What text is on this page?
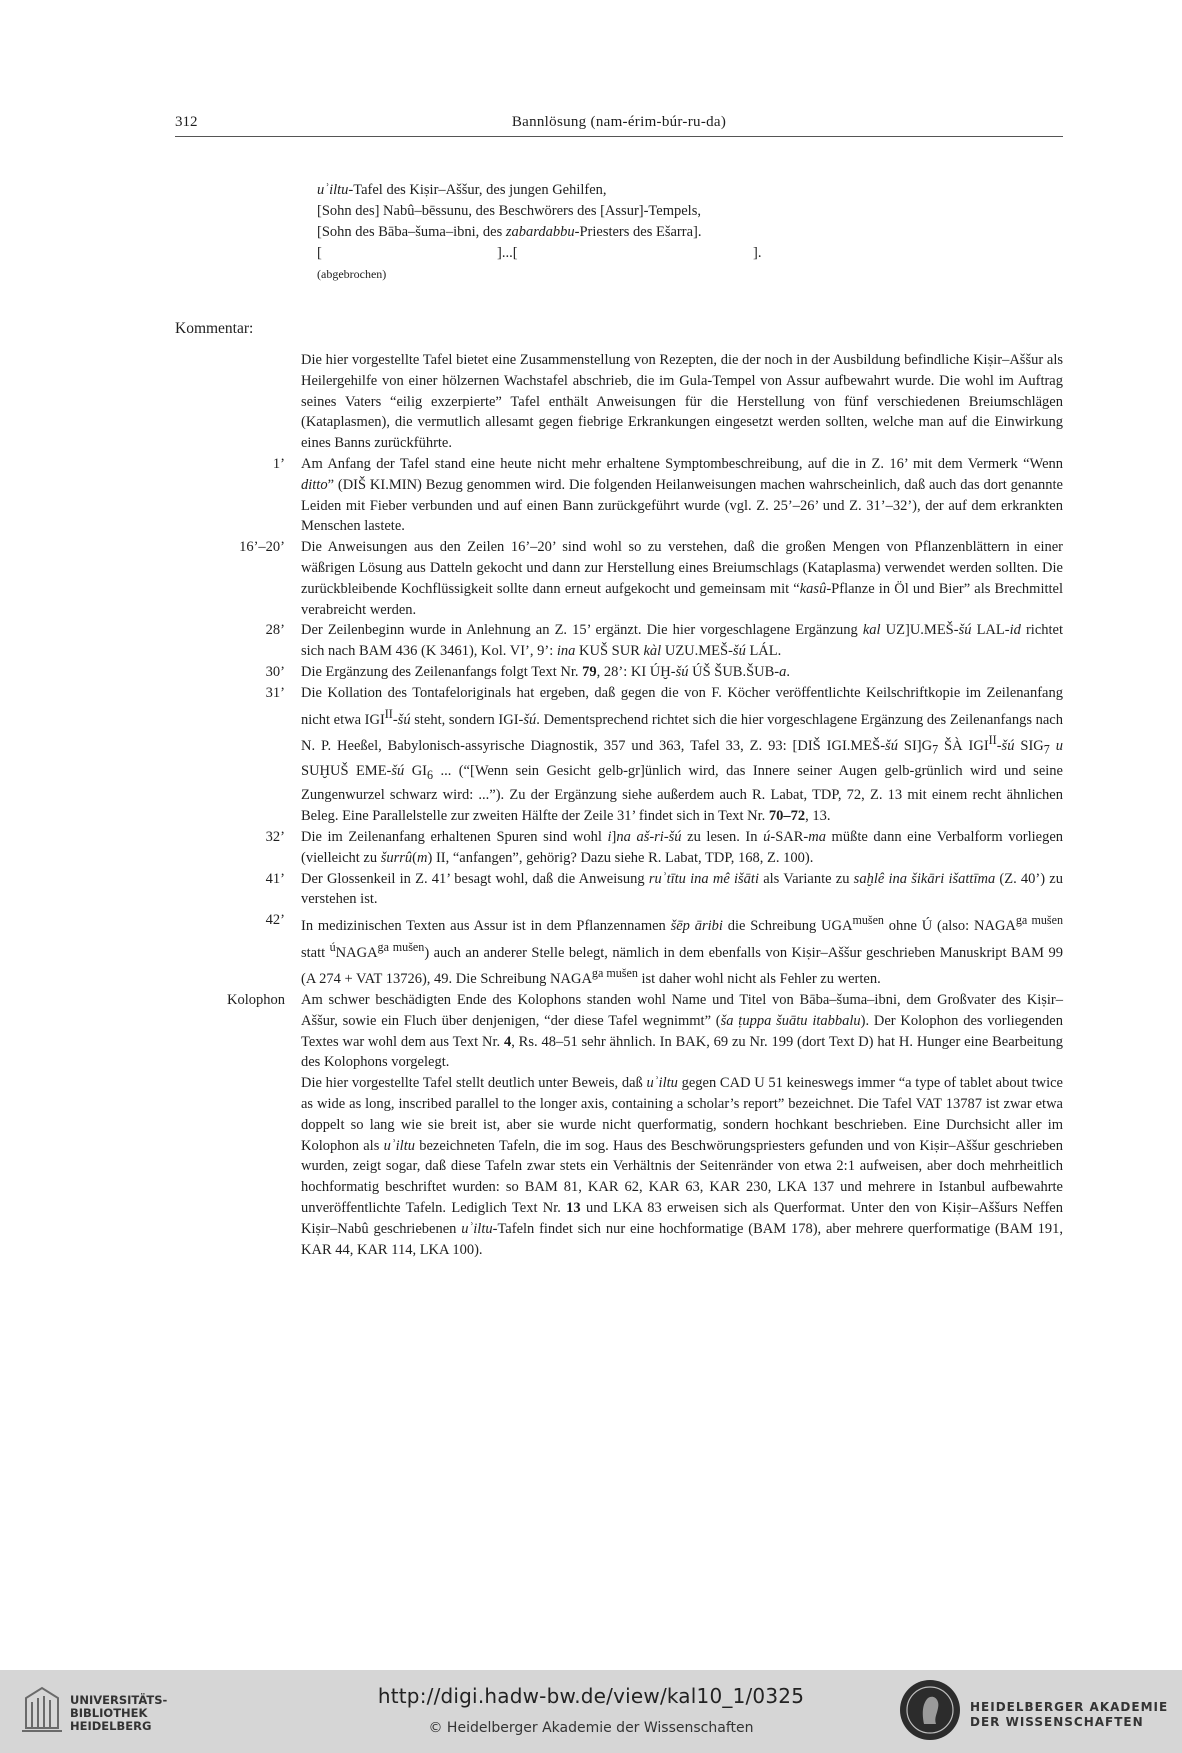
312	Bannlösung (nam-érim-búr-ru-da)
uʾiltu-Tafel des Kiṣir–Aššur, des jungen Gehilfen,
[Sohn des] Nabû–bēssunu, des Beschwörers des [Assur]-Tempels,
[Sohn des Bāba–šuma–ibni, des zabardabbu-Priesters des Ešarra].
[	]...[	].
(abgebrochen)
Kommentar:
Die hier vorgestellte Tafel bietet eine Zusammenstellung von Rezepten, die der noch in der Ausbildung befindliche Kiṣir–Aššur als Heilergehilfe von einer hölzernen Wachstafel abschrieb, die im Gula-Tempel von Assur aufbewahrt wurde. Die wohl im Auftrag seines Vaters “eilig exzerpierte” Tafel enthält Anweisungen für die Herstellung von fünf verschiedenen Breiumschlägen (Kataplasmen), die vermutlich allesamt gegen fiebrige Erkrankungen eingesetzt werden sollten, welche man auf die Einwirkung eines Banns zurückführte.
1’	Am Anfang der Tafel stand eine heute nicht mehr erhaltene Symptombeschreibung, auf die in Z. 16’ mit dem Vermerk “Wenn ditto” (DIŠ KI.MIN) Bezug genommen wird. Die folgenden Heilanweisungen machen wahrscheinlich, daß auch das dort genannte Leiden mit Fieber verbunden und auf einen Bann zurückgeführt wurde (vgl. Z. 25’–26’ und Z. 31’–32’), der auf dem erkrankten Menschen lastete.
16’–20’	Die Anweisungen aus den Zeilen 16’–20’ sind wohl so zu verstehen, daß die großen Mengen von Pflanzenblättern in einer wäßrigen Lösung aus Datteln gekocht und dann zur Herstellung eines Breiumschlags (Kataplasma) verwendet werden sollten. Die zurückbleibende Kochflüssigkeit sollte dann erneut aufgekocht und gemeinsam mit “kasû-Pflanze in Öl und Bier” als Brechmittel verabreicht werden.
28’	Der Zeilenbeginn wurde in Anlehnung an Z. 15’ ergänzt. Die hier vorgeschlagene Ergänzung kal UZ]U.MEŠ-šú LAL-id richtet sich nach BAM 436 (K 3461), Kol. VI’, 9’: ina KUŠ SUR kàl UZU.MEŠ-šú LÁL.
30’	Die Ergänzung des Zeilenanfangs folgt Text Nr. 79, 28’: KI ÚḪ-šú ÚŠ ŠUB.ŠUB-a.
31’	Die Kollation des Tontafeloriginals hat ergeben, daß gegen die von F. Köcher veröffentlichte Keilschriftkopie im Zeilenanfang nicht etwa $IGI^{II}-šú$ steht, sondern IGI-šú. Dementsprechend richtet sich die hier vorgeschlagene Ergänzung des Zeilenanfangs nach N. P. Heeßel, Babylonisch-assyrische Diagnostik, 357 und 363, Tafel 33, Z. 93: [DIŠ IGI.MEŠ-šú $SI]G_7$ ŠÀ $IGI^{II}-šú$ $SIG_7$ u SUḪUŠ EME-šú $GI_6$ ... (“[Wenn sein Gesicht gelb-gr]ünlich wird, das Innere seiner Augen gelb-grünlich wird und seine Zungenwurzel schwarz wird: ...”). Zu der Ergänzung siehe außerdem auch R. Labat, TDP, 72, Z. 13 mit einem recht ähnlichen Beleg. Eine Parallelstelle zur zweiten Hälfte der Zeile 31’ findet sich in Text Nr. 70–72, 13.
32’	Die im Zeilenanfang erhaltenen Spuren sind wohl i]na aš-ri-šú zu lesen. In ú-SAR-ma müßte dann eine Verbalform vorliegen (vielleicht zu šurrû(m) II, “anfangen”, gehörig? Dazu siehe R. Labat, TDP, 168, Z. 100).
41’	Der Glossenkeil in Z. 41’ besagt wohl, daß die Anweisung ruʾtītu ina mê išāti als Variante zu saḫlê ina šikāri išattīma (Z. 40’) zu verstehen ist.
42’	In medizinischen Texten aus Assur ist in dem Pflanzennamen šēp āribi die Schreibung $UGA^{mušen}$ ohne Ú (also: $NAGA^{ga mušen}$ statt $^úNAGA^{ga mušen}$) auch an anderer Stelle belegt, nämlich in dem ebenfalls von Kiṣir–Aššur geschrieben Manuskript BAM 99 (A 274 + VAT 13726), 49. Die Schreibung $NAGA^{ga mušen}$ ist daher wohl nicht als Fehler zu werten.
Kolophon	Am schwer beschädigten Ende des Kolophons standen wohl Name und Titel von Bāba–šuma–ibni, dem Großvater des Kiṣir–Aššur, sowie ein Fluch über denjenigen, “der diese Tafel wegnimmt” (ša ṭuppa šuātu itabbalu). Der Kolophon des vorliegenden Textes war wohl dem aus Text Nr. 4, Rs. 48–51 sehr ähnlich. In BAK, 69 zu Nr. 199 (dort Text D) hat H. Hunger eine Bearbeitung des Kolophons vorgelegt.

Die hier vorgestellte Tafel stellt deutlich unter Beweis, daß uʾiltu gegen CAD U 51 keineswegs immer “a type of tablet about twice as wide as long, inscribed parallel to the longer axis, containing a scholar’s report” bezeichnet. Die Tafel VAT 13787 ist zwar etwa doppelt so lang wie sie breit ist, aber sie wurde nicht querformatig, sondern hochkant beschrieben. Eine Durchsicht aller im Kolophon als uʾiltu bezeichneten Tafeln, die im sog. Haus des Beschwörungspriesters gefunden und von Kiṣir–Aššur geschrieben wurden, zeigt sogar, daß diese Tafeln zwar stets ein Verhältnis der Seitenränder von etwa 2:1 aufweisen, aber doch mehrheitlich hochformatig beschriftet wurden: so BAM 81, KAR 62, KAR 63, KAR 230, LKA 137 und mehrere in Istanbul aufbewahrte unveröffentlichte Tafeln. Lediglich Text Nr. 13 und LKA 83 erweisen sich als Querformat. Unter den von Kiṣir–Aššurs Neffen Kiṣir–Nabû geschriebenen uʾiltu-Tafeln findet sich nur eine hochformatige (BAM 178), aber mehrere querformatige (BAM 191, KAR 44, KAR 114, LKA 100).

UNIVERSITÄTS-
BIBLIOTHEK
HEIDELBERG
http://digi.hadw-bw.de/view/kal10_1/0325
© Heidelberger Akademie der Wissenschaften
HEIDELBERGER AKADEMIE
DER WISSENSCHAFTEN
